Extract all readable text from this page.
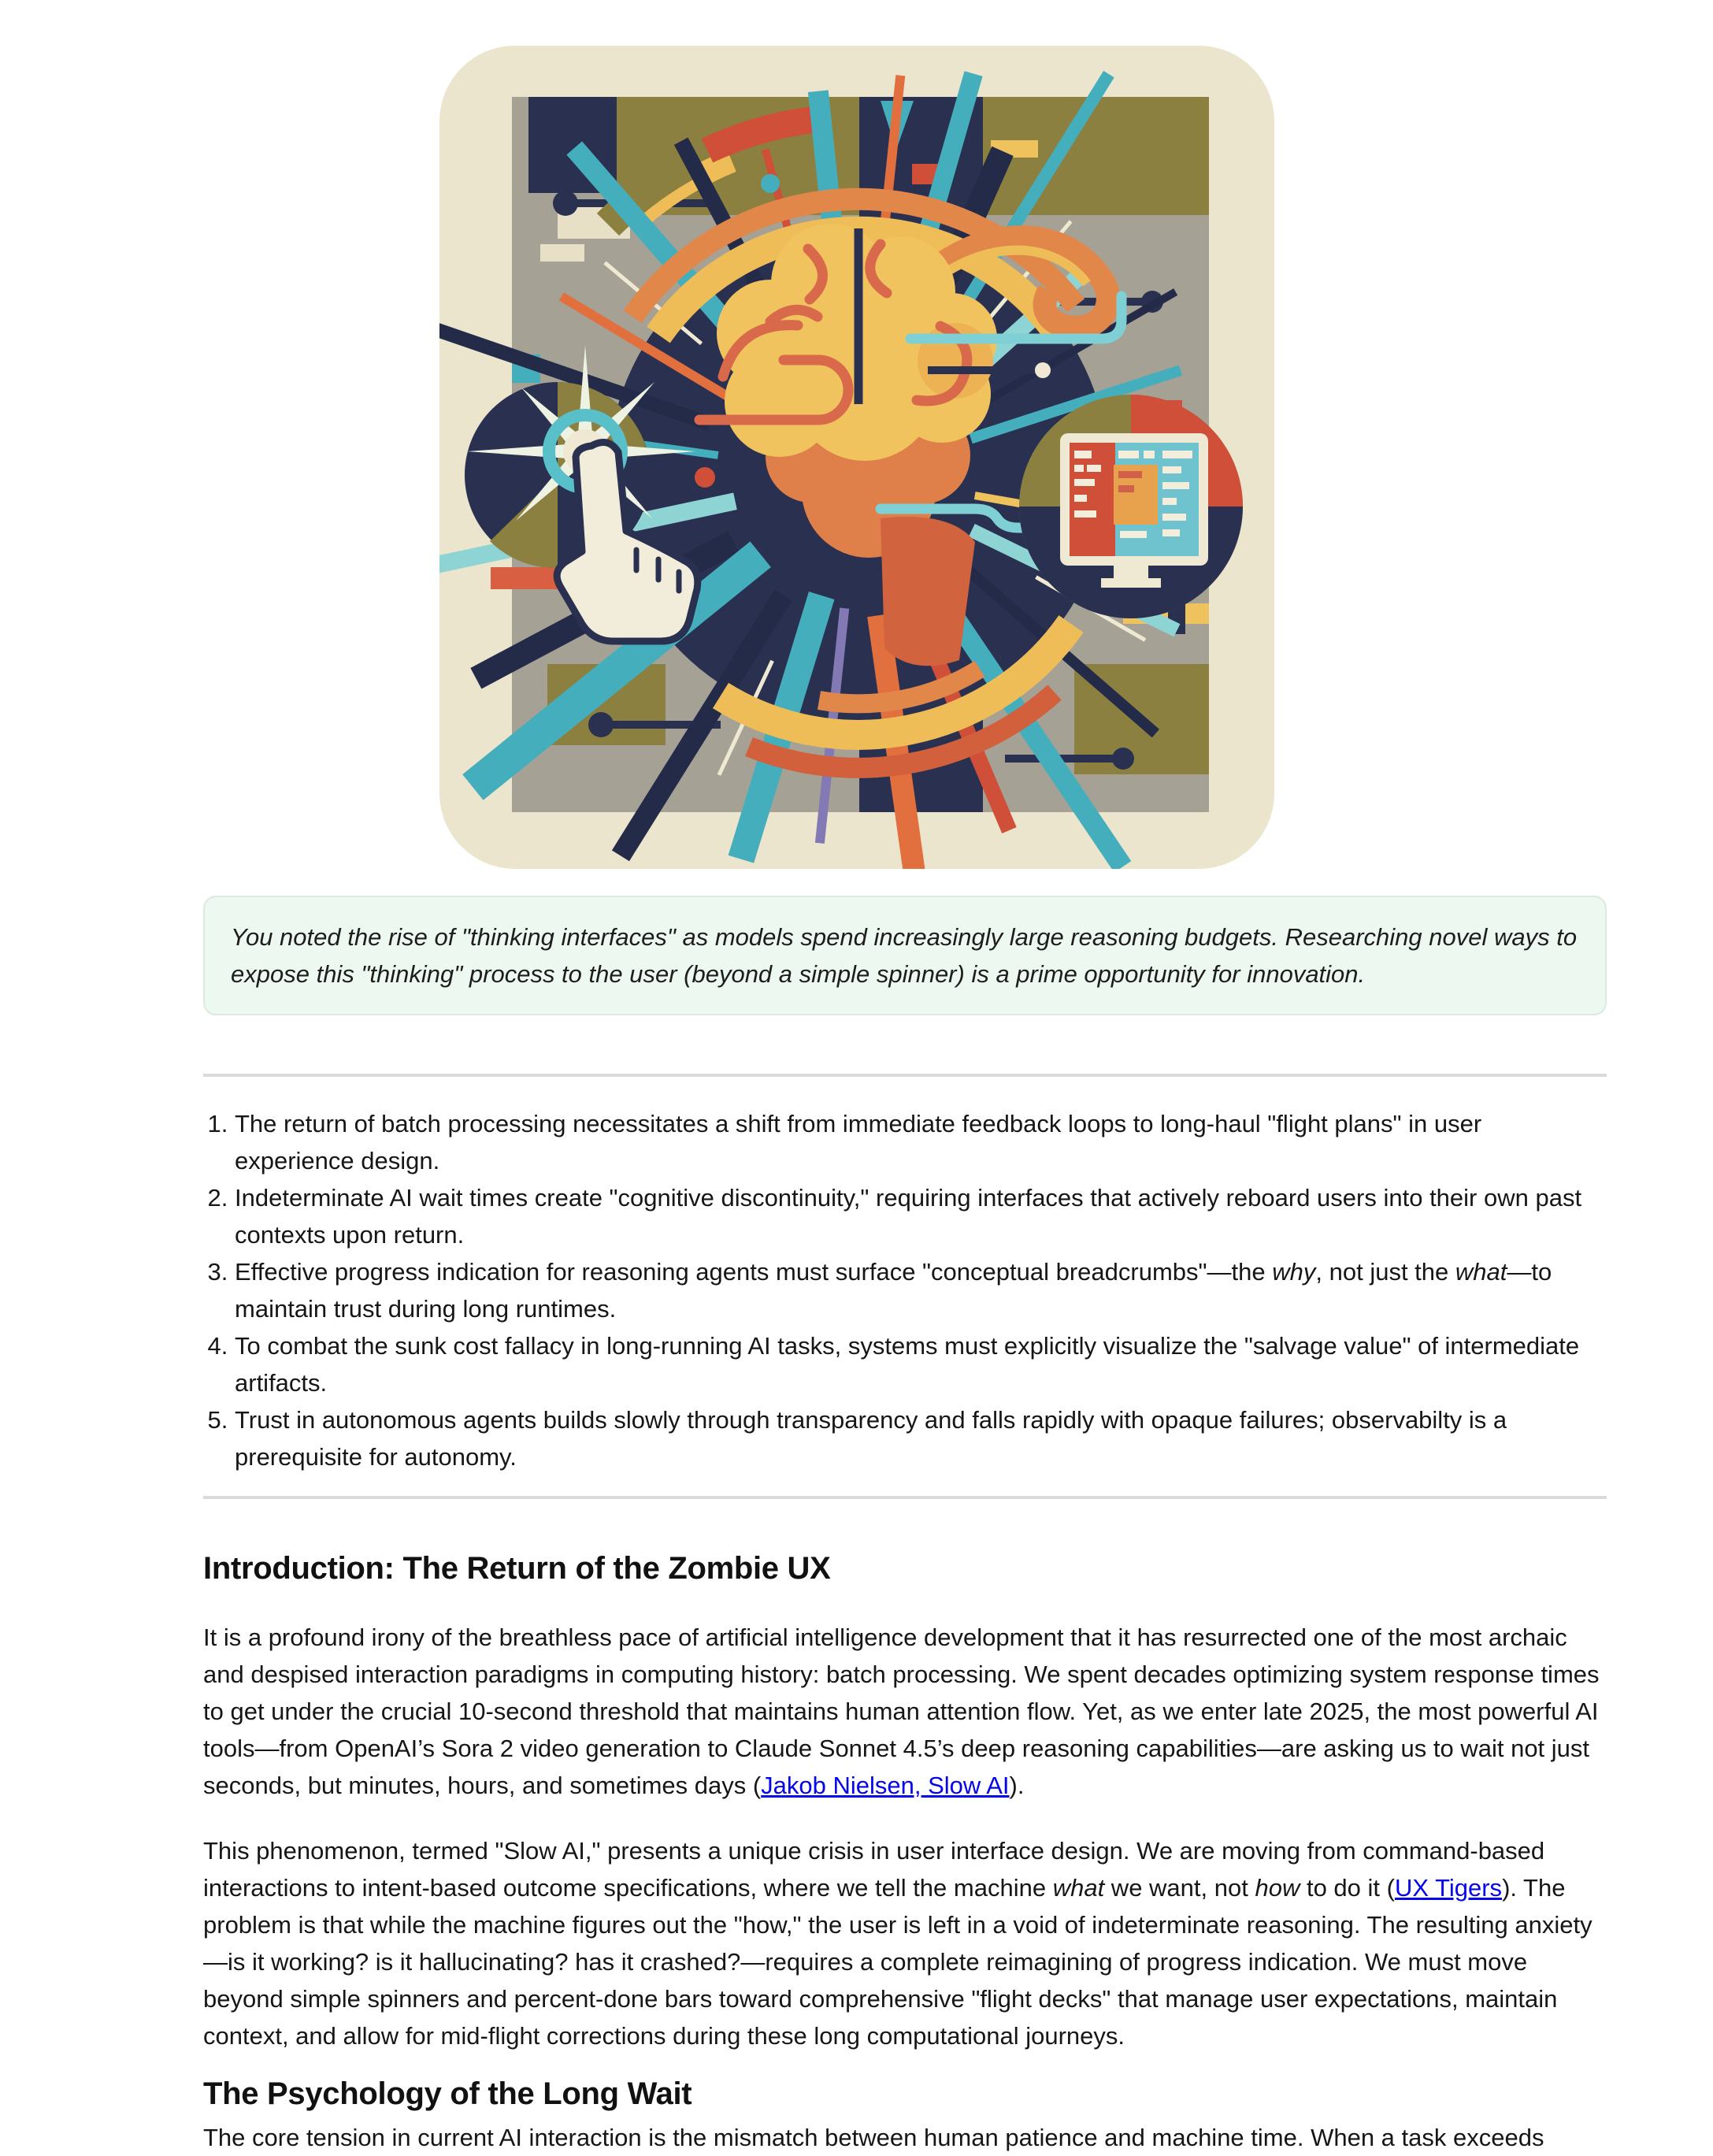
You noted the rise of "thinking interfaces" as models spend increasingly large reasoning budgets. Researching novel ways to expose this "thinking" process to the user (beyond a simple spinner) is a prime opportunity for innovation.
1. The return of batch processing necessitates a shift from immediate feedback loops to long-haul "flight plans" in user experience design.
2. Indeterminate AI wait times create "cognitive discontinuity," requiring interfaces that actively reboard users into their own past contexts upon return.
3. Effective progress indication for reasoning agents must surface "conceptual breadcrumbs"—the why, not just the what—to maintain trust during long runtimes.
4. To combat the sunk cost fallacy in long-running AI tasks, systems must explicitly visualize the "salvage value" of intermediate artifacts.
5. Trust in autonomous agents builds slowly through transparency and falls rapidly with opaque failures; observabilty is a prerequisite for autonomy.
Introduction: The Return of the Zombie UX

It is a profound irony of the breathless pace of artificial intelligence development that it has resurrected one of the most archaic and despised interaction paradigms in computing history: batch processing. We spent decades optimizing system response times to get under the crucial 10-second threshold that maintains human attention flow. Yet, as we enter late 2025, the most powerful AI tools—from OpenAI’s Sora 2 video generation to Claude Sonnet 4.5’s deep reasoning capabilities—are asking us to wait not just seconds, but minutes, hours, and sometimes days (Jakob Nielsen, Slow AI).

This phenomenon, termed "Slow AI," presents a unique crisis in user interface design. We are moving from command-based interactions to intent-based outcome specifications, where we tell the machine what we want, not how to do it (UX Tigers). The problem is that while the machine figures out the "how," the user is left in a void of indeterminate reasoning. The resulting anxiety—is it working? is it hallucinating? has it crashed?—requires a complete reimagining of progress indication. We must move beyond simple spinners and percent-done bars toward comprehensive "flight decks" that manage user expectations, maintain context, and allow for mid-flight corrections during these long computational journeys.

The Psychology of the Long Wait

The core tension in current AI interaction is the mismatch between human patience and machine time. When a task exceeds
